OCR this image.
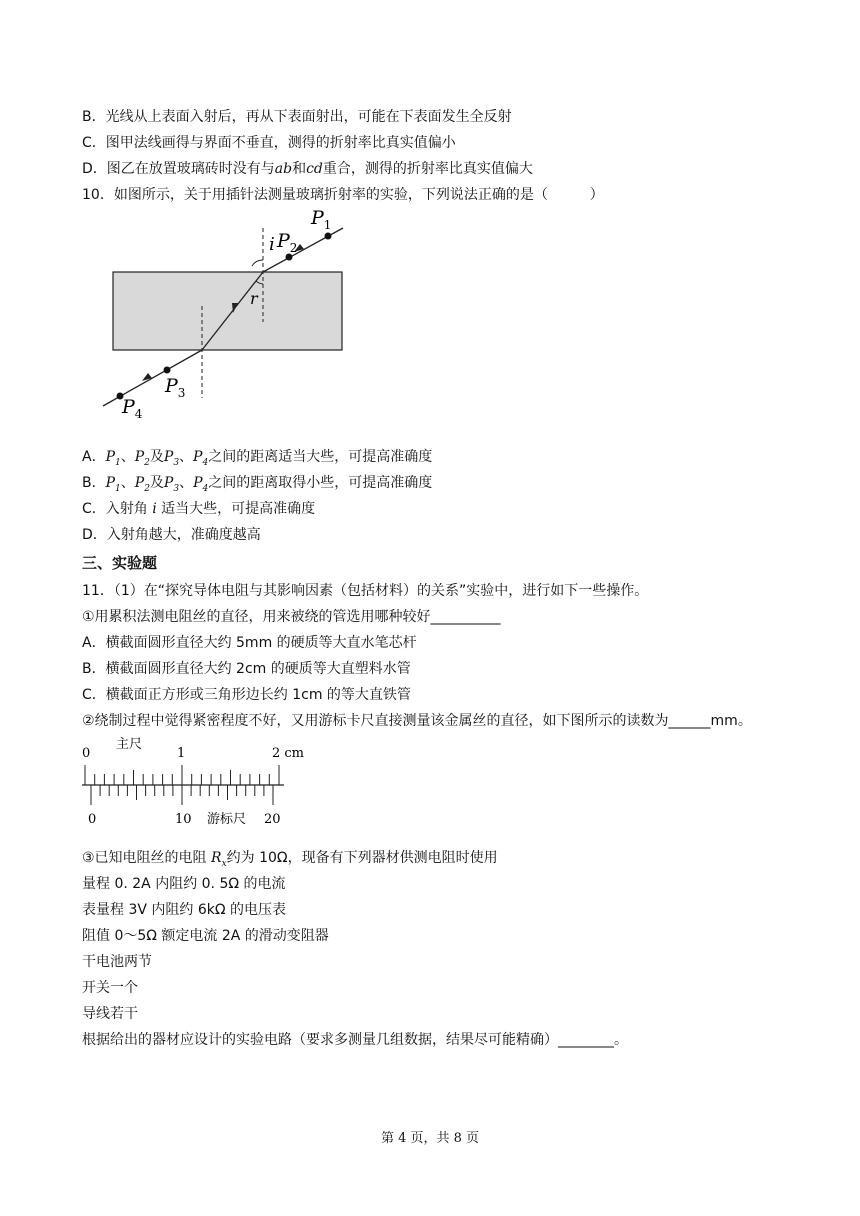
B．光线从上表面入射后，再从下表面射出，可能在下表面发生全反射
C．图甲法线画得与界面不垂直，测得的折射率比真实值偏小
D．图乙在放置玻璃砖时没有与ab和cd重合，测得的折射率比真实值偏大
10．如图所示，关于用插针法测量玻璃折射率的实验，下列说法正确的是（　　　）
$P_1$
$P_2$
i
r
$P_3$
$P_4$
A．$P_1$、$P_2$及$P_3$、$P_4$之间的距离适当大些，可提高准确度
B．$P_1$、$P_2$及$P_3$、$P_4$之间的距离取得小些，可提高准确度
C．入射角 i 适当大些，可提高准确度
D．入射角越大，准确度越高
三、实验题
11．（1）在“探究导体电阻与其影响因素（包括材料）的关系”实验中，进行如下一些操作。
①用累积法测电阻丝的直径，用来被绕的管选用哪种较好__________
A．横截面圆形直径大约 5mm 的硬质等大直水笔芯杆
B．横截面圆形直径大约 2cm 的硬质等大直塑料水管
C．横截面正方形或三角形边长约 1cm 的等大直铁管
②绕制过程中觉得紧密程度不好，又用游标卡尺直接测量该金属丝的直径，如下图所示的读数为______mm。
0
主尺
1	2 cm
0	10 游标尺 20
③已知电阻丝的电阻 $R_x$约为 10Ω，现备有下列器材供测电阻时使用
量程 0. 2A 内阻约 0. 5Ω 的电流
表量程 3V 内阻约 6kΩ 的电压表
阻值 0～5Ω 额定电流 2A 的滑动变阻器
干电池两节
开关一个
导线若干
根据给出的器材应设计的实验电路（要求多测量几组数据，结果尽可能精确）________。
第 4 页，共 8 页
